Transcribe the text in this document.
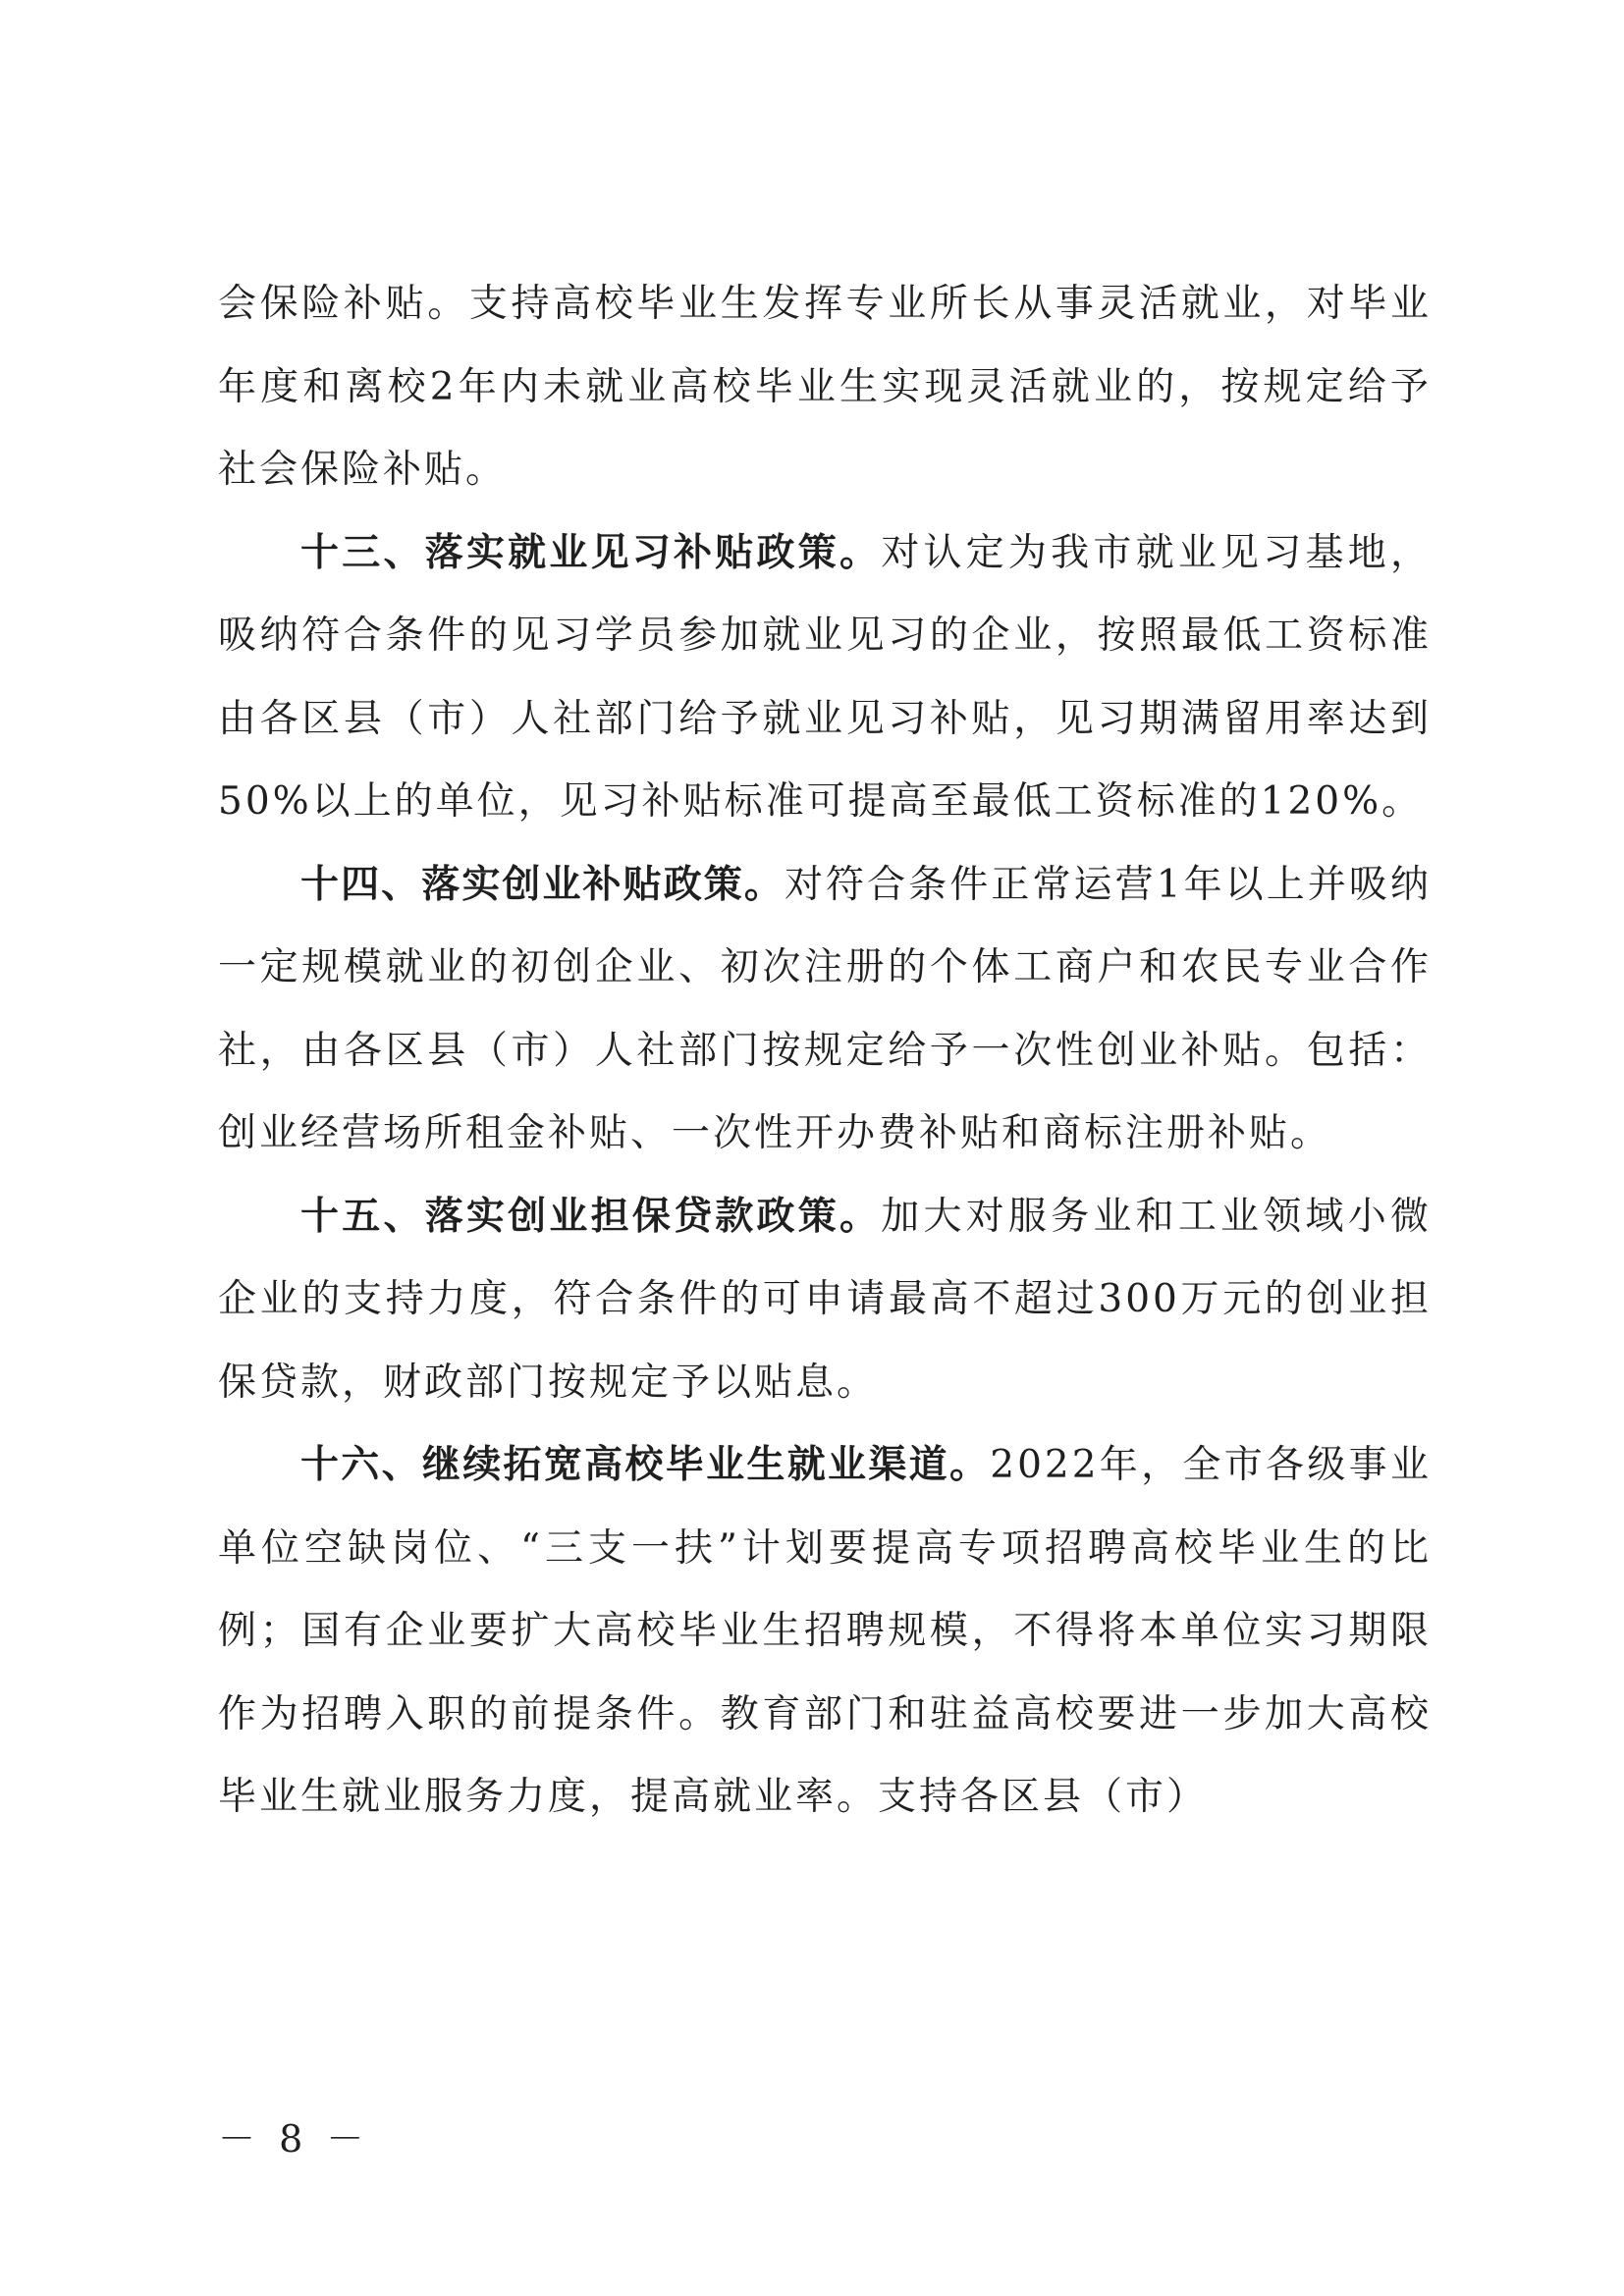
会保险补贴。支持高校毕业生发挥专业所长从事灵活就业，对毕业年度和离校2年内未就业高校毕业生实现灵活就业的，按规定给予社会保险补贴。

十三、落实就业见习补贴政策。对认定为我市就业见习基地，吸纳符合条件的见习学员参加就业见习的企业，按照最低工资标准由各区县（市）人社部门给予就业见习补贴，见习期满留用率达到50%以上的单位，见习补贴标准可提高至最低工资标准的120%。

十四、落实创业补贴政策。对符合条件正常运营1年以上并吸纳一定规模就业的初创企业、初次注册的个体工商户和农民专业合作社，由各区县（市）人社部门按规定给予一次性创业补贴。包括：创业经营场所租金补贴、一次性开办费补贴和商标注册补贴。

十五、落实创业担保贷款政策。加大对服务业和工业领域小微企业的支持力度，符合条件的可申请最高不超过300万元的创业担保贷款，财政部门按规定予以贴息。

十六、继续拓宽高校毕业生就业渠道。2022年，全市各级事业单位空缺岗位、“三支一扶”计划要提高专项招聘高校毕业生的比例；国有企业要扩大高校毕业生招聘规模，不得将本单位实习期限作为招聘入职的前提条件。教育部门和驻益高校要进一步加大高校毕业生就业服务力度，提高就业率。支持各区县（市）

－ 8 －
